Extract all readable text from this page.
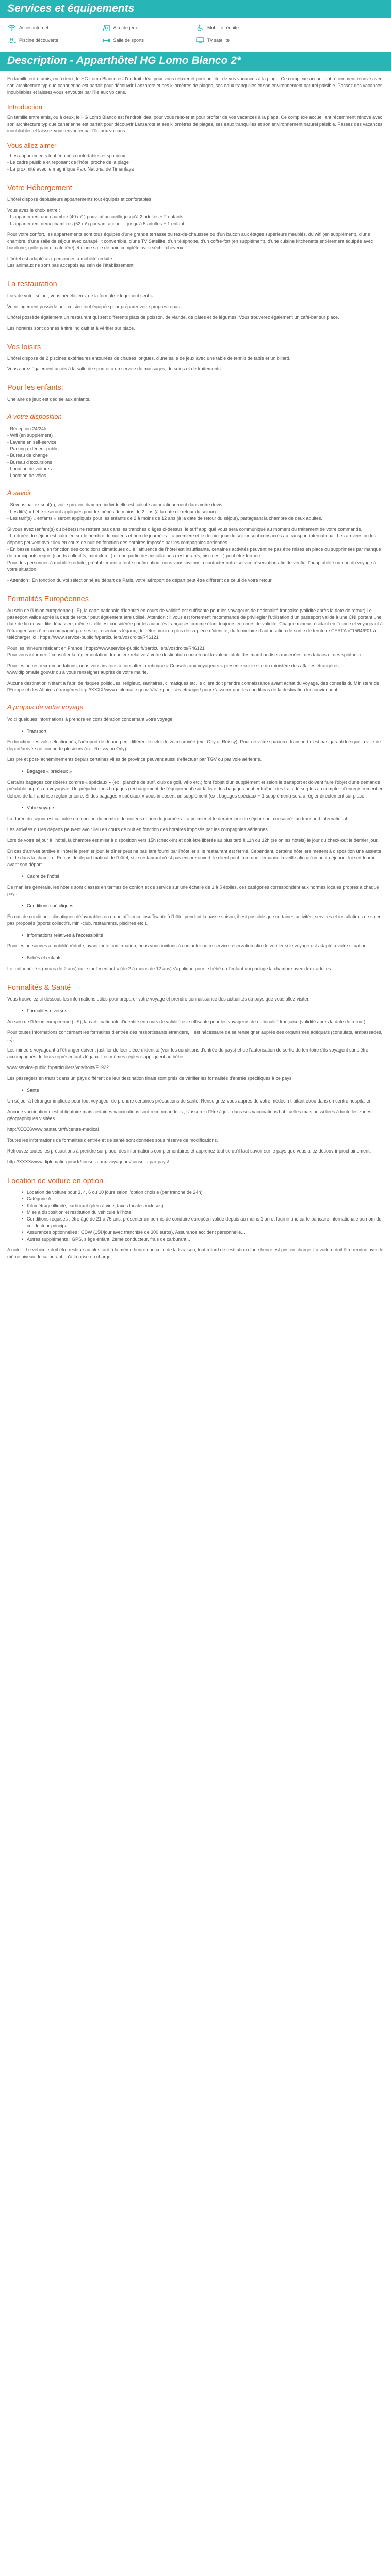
Services et équipements
Accès internet	Aire de jeux	Mobilité réduite
Piscine découverte	Salle de sports	Tv satellite
Description - Apparthôtel HG Lomo Blanco 2*

En famille entre amis, ou à deux, le HG Lomo Blanco est l'endroit idéal pour vous relaxer et pour profiter de vos vacances à la plage. Ce complexe accueillant récemment rénové avec son architecture typique canarienne est parfait pour découvrir Lanzarote et ses kilomètres de plages, ses eaux tranquilles et son environnement naturel paisible. Passez des vacances inoubliables et laissez-vous envouter par l'île aux volcans.

Introduction

En famille entre amis, ou à deux, le HG Lomo Blanco est l'endroit idéal pour vous relaxer et pour profiter de vos vacances à la plage. Ce complexe accueillant récemment rénové avec son architecture typique canarienne est parfait pour découvrir Lanzarote et ses kilomètres de plages, ses eaux tranquilles et son environnement naturel paisible. Passez des vacances inoubliables et laissez-vous envouter par l'île aux volcans.

Vous allez aimer
- Les appartements tout équipés confortables et spacieux
- Le cadre paisible et reposant de l'hôtel proche de la plage
- La proximité avec le magnifique Parc National de Timanfaya
Votre Hébergement

L'hôtel dispose deplusieurs appartements tout équipés et confortables .

Vous avez le choix entre :
- L'appartement une chambre (40 m² ) pouvant accueillir jusqu'à 2 adultes + 2 enfants
- L'appartement deux chambres (52 m²) pouvant accueillir jusqu'à 5 adultes + 1 enfant

Pour votre confort, les appartements sont tous équipés d'une grande terrasse ou rez-de-chaussée ou d'un balcon aux étages supérieurs meublés, du wifi (en supplément), d'une chambre, d'une salle de séjour avec canapé lit convertible, d'une TV Satellite, d'un téléphone, d'un coffre-fort (en supplément), d'une cuisine kitchenette entièrement équipée avec bouilloire, grille-pain et cafetière) et d'une salle de bain complète avec sèche-cheveux.

L'hôtel est adapté aux personnes à mobilité réduite.
Les animaux ne sont pas acceptés au sein de l'établissement.

La restauration

Lors de votre séjour, vous bénéficierez de la formule « logement seul ».

Votre logement possède une cuisine tout équipée pour préparer votre propres repas.

L'hôtel possède également un restaurant qui sert différents plats de poisson, de viande, de pâtes et de légumes. Vous trouverez également un café-bar sur place.

Les horaires sont donnés à titre indicatif et à vérifier sur place.

Vos loisirs

L'hôtel dispose de 2 piscines extérieures entourées de chaises longues, d'une salle de jeux avec une table de tennis de table et un billard.

Vous aurez également accès à la salle de sport et à un service de massages, de soins et de traitements.

Pour les enfants:

Une aire de jeux est dédiée aux enfants.

A votre disposition
- Réception 24/24h
- Wifi (en supplément)
- Laverie en self-service
- Parking extérieur public
- Bureau de change
- Bureau d'excursions
- Location de voitures
- Location de vélos
A savoir

- Si vous partez seul(e), votre prix en chambre individuelle est calculé automatiquement dans votre devis.
- Les lit(s) « bébé » seront appliqués pour les bébés de moins de 2 ans (à la date de retour du séjour).
- Les tarif(s) « enfants » seront appliqués pour les enfants de 2 à moins de 12 ans (à la date de retour du séjour), partageant la chambre de deux adultes.

Si vous avez (enfant(s) ou bébé(s) ne restent pas dans les tranches d'âges ci-dessus, le tarif appliqué vous sera communiqué au moment du traitement de votre commande.
- La durée du séjour est calculée sur le nombre de nuitées et non de journées. La première et le dernier jour du séjour sont consacrés au transport international. Les arrivées ou les départs peuvent avoir lieu en cours de nuit en fonction des horaires imposés par les compagnies aériennes.
- En basse saison, en fonction des conditions climatiques ou à l'affluence de l'hôtel est insuffisante, certaines activités peuvent ne pas être mises en place ou supprimées par manque de participants requis (sports collectifs, mini-club...) et une partie des installations (restaurants, piscines...) peut être fermée.
Pour des personnes à mobilité réduite, préalablement à toute confirmation, nous vous invitons à contacter notre service réservation afin de vérifier l'adaptabilité ou non du voyage à votre situation.

- Attention : En fonction du vol sélectionné au départ de Paris, votre aéroport de départ peut être différent de celui de votre retour.

Formalités Européennes

Au sein de l'Union européenne (UE), la carte nationale d'identité en cours de validité est suffisante pour les voyageurs de nationalité française (validité après la date de retour) Le passeport valide après la date de retour peut également être utilisé. Attention : il vous est fortement recommandé de privilégier l'utilisation d'un passeport valide à une CNI portant une date de fin de validité dépassée, même si elle est considérée par les autorités françaises comme étant toujours en cours de validité. Chaque mineur résidant en France et voyageant à l'étranger sans être accompagné par ses représentants légaux, doit être muni en plus de sa pièce d'identité, du formulaire d'autorisation de sortie de territoire CERFA n°15646*01 à télécharger ici : https://www.service-public.fr/particuliers/vosdroits/R46121

Pour les mineurs résidant en France : https://www.service-public.fr/particuliers/vosdroits/R46121
Pour vous informer à consulter la réglementation douanière relative à votre destination concernant la valeur totale des marchandises ramenées, des tabacs et des spiritueux.

Pour les autres recommandations, nous vous invitons à consulter la rubrique « Conseils aux voyageurs » présente sur le site du ministère des affaires étrangères www.diplomatie.gouv.fr ou à vous renseigner auprès de votre mairie.

Aucune destination n'étant à l'abri de risques politiques, religieux, sanitaires, climatiques etc. le client doit prendre connaissance avant achat du voyage, des conseils du Ministère de l'Europe et des Affaires étrangères http://XXXX/www.diplomatie.gouv.fr/fr/le-pour-si-s-etranger/ pour s'assurer que les conditions de la destination lui conviennent.

A propos de votre voyage

Voici quelques informations à prendre en considération concernant votre voyage.

• Transport

En fonction des vols sélectionnés, l'aéroport de départ peut différer de celui de votre arrivée (ex : Orly et Roissy). Pour ne votre spacieux, transport n'est pas garanti lorsque la ville de départ/arrivée ne comporte plusieurs (ex : Roissy ou Orly).

Les pré et post- acheminements depuis certaines villes de province peuvent aussi s'effectuer par TGV ou par voie aérienne.

• Bagages « précieux »

Certains bagages considérés comme « spéciaux » (ex : planche de surf, club de golf, vélo etc.) font l'objet d'un supplément et selon le transport et doivent faire l'objet d'une demande préalable auprès du voyagiste. Un préjudice tous bagages (rechargement de l'équipement) sur la liste des bagages peut entraîner des frais de surplus au comptoir d'enregistrement en dehors de la franchise réglementaire. Si des bagages « spéciaux » vous imposent un supplément (ex : bagages spéciaux + 1 supplément) sera à régler directement sur place.

• Votre voyage

La durée du séjour est calculée en fonction du nombre de nuitées et non de journées. La premier et le dernier jour du séjour sont consacrés au transport international.

Les arrivées ou les départs peuvent avoir lieu en cours de nuit en fonction des horaires imposés par les compagnies aériennes.

Lors de votre séjour à l'hôtel, la chambre est mise à disposition vers 15h (check-in) et doit être libérée au plus tard à 11h ou 12h (selon les hôtels) le jour du check-out le dernier jour.

En cas d'arrivée tardive à l'hôtel le premier jour, le dîner peut ne pas être fourni par l'hôtelier si le restaurant est fermé. Cependant, certains hôteliers mettent à disposition une assiette froide dans la chambre. En cas de départ matinal de l'hôtel, si le restaurant n'est pas encore ouvert, le client peut faire une demande la veille afin qu'un petit-déjeuner lui soit fourni avant son départ.

• Cadre de l'hôtel

De manière générale, les hôtels sont classés en termes de confort et de service sur une échelle de 1 à 5 étoiles, ces catégories correspondent aux normes locales propres à chaque pays.

• Conditions spécifiques

En cas de conditions climatiques défavorables ou d'une affluence insuffisante à l'hôtel pendant la basse saison, il est possible que certaines activités, services et installations ne soient pas proposés (sports collectifs, mini-club, restaurants, piscines etc.).

• Informations relatives à l'accessibilité

Pour les personnes à mobilité réduite, avant toute confirmation, nous vous invitons à contacter notre service réservation afin de vérifier si le voyage est adapté à votre situation.

• Bébés et enfants

Le tarif « bébé » (moins de 2 ans) ou le tarif « enfant » (de 2 à moins de 12 ans) s'applique pour le bébé ou l'enfant qui partage la chambre avec deux adultes.

Formalités & Santé

Vous trouverez ci-dessous les informations utiles pour préparer votre voyage et prendre connaissance des actualités du pays que vous allez visiter.

• Formalités diverses

Au sein de l'Union européenne (UE), la carte nationale d'identité en cours de validité est suffisante pour les voyageurs de nationalité française (validité après la date de retour).

Pour toutes informations concernant les formalités d'entrée des ressortissants étrangers, il est nécessaire de se renseigner auprès des organismes adéquats (consulats, ambassades, ...).

Les mineurs voyageant à l'étranger doivent justifier de leur pièce d'identité (voir les conditions d'entrée du pays) et de l'autorisation de sortie du territoire s'ils voyagent sans être accompagnés de leurs représentants légaux. Les mêmes règles s'appliquent au bébé.

www.service-public.fr/particuliers/vosdroits/F1922

Les passagers en transit dans un pays différent de leur destination finale sont priés de vérifier les formalités d'entrée spécifiques à ce pays.

• Santé

Un séjour à l'étranger implique pour tout voyageur de prendre certaines précautions de santé. Renseignez-vous auprès de votre médecin traitant et/ou dans un centre hospitalier.

Aucune vaccination n'est obligatoire mais certaines vaccinations sont recommandées ; s'assurer d'être à jour dans ses vaccinations habituelles mais aussi liées à toute les zones géographiques visitées.

http://XXXX/www.pasteur.fr/fr/centre-medical

Toutes les informations de formalités d'entrée et de santé sont données sous réserve de modifications.

Retrouvez toutes les précautions à prendre sur place, des informations complémentaires et apprenez tout ce qu'il faut savoir sur le pays que vous allez découvrir prochainement.

http://XXXX/www.diplomatie.gouv.fr/conseils-aux-voyageurs/conseils-par-pays/

Location de voiture en option
• Location de voiture pour 3, 4, 6 ou 10 jours selon l'option choisie (par tranche de 24h)
• Catégorie A
• Kilométrage illimité, carburant (plein à vide, taxes locales incluses)
• Mise à disposition et restitution du véhicule à l'hôtel
• Conditions requises : être âgé de 21 à 75 ans, présenter un permis de conduire européen valide depuis au moins 1 an et fournir une carte bancaire internationale au nom du conducteur principal.
• Assurances optionnelles : CDW (15€/jour avec franchise de 300 euros), Assurance accident personnelle...
• Autres suppléments : GPS, siège enfant, 2ème conducteur, frais de carburant...

A noter : Le véhicule doit être restitué au plus tard à la même heure que celle de la livraison, tout retard de restitution d'une heure est pris en charge. La voiture doit être rendue avec le même niveau de carburant qu'à la prise en charge.
